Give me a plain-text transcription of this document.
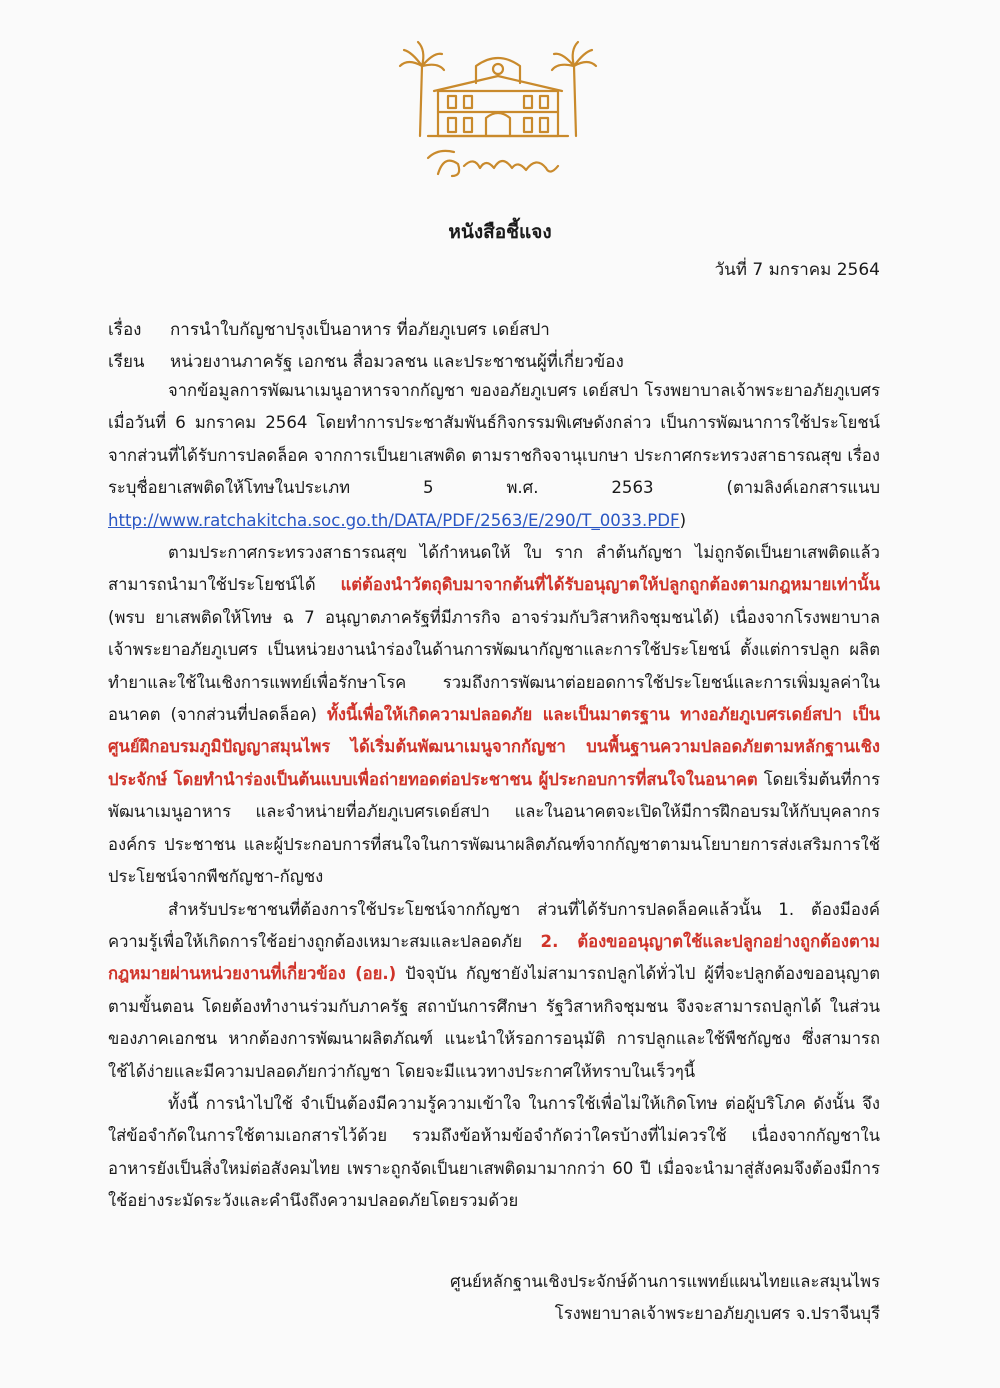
หนังสือชี้แจง
วันที่ 7 มกราคม 2564
เรื่อง การนำใบกัญชาปรุงเป็นอาหาร ที่อภัยภูเบศร เดย์สปา
เรียน หน่วยงานภาครัฐ เอกชน สื่อมวลชน และประชาชนผู้ที่เกี่ยวข้อง

จากข้อมูลการพัฒนาเมนูอาหารจากกัญชา ของอภัยภูเบศร เดย์สปา โรงพยาบาลเจ้าพระยาอภัยภูเบศร เมื่อวันที่ 6 มกราคม 2564 โดยทำการประชาสัมพันธ์กิจกรรมพิเศษดังกล่าว เป็นการพัฒนาการใช้ประโยชน์จากส่วนที่ได้รับการปลดล็อค จากการเป็นยาเสพติด ตามราชกิจจานุเบกษา ประกาศกระทรวงสาธารณสุข เรื่อง ระบุชื่อยาเสพติดให้โทษในประเภท 5 พ.ศ. 2563 (ตามลิงค์เอกสารแนบ http://www.ratchakitcha.soc.go.th/DATA/PDF/2563/E/290/T_0033.PDF)

ตามประกาศกระทรวงสาธารณสุข ได้กำหนดให้ ใบ ราก ลำต้นกัญชา ไม่ถูกจัดเป็นยาเสพติดแล้ว สามารถนำมาใช้ประโยชน์ได้ แต่ต้องนำวัตถุดิบมาจากต้นที่ได้รับอนุญาตให้ปลูกถูกต้องตามกฎหมายเท่านั้น (พรบ ยาเสพติดให้โทษ ฉ 7 อนุญาตภาครัฐที่มีภารกิจ อาจร่วมกับวิสาหกิจชุมชนได้) เนื่องจากโรงพยาบาลเจ้าพระยาอภัยภูเบศร เป็นหน่วยงานนำร่องในด้านการพัฒนากัญชาและการใช้ประโยชน์ ตั้งแต่การปลูก ผลิตทำยาและใช้ในเชิงการแพทย์เพื่อรักษาโรค รวมถึงการพัฒนาต่อยอดการใช้ประโยชน์และการเพิ่มมูลค่าในอนาคต (จากส่วนที่ปลดล็อค) ทั้งนี้เพื่อให้เกิดความปลอดภัย และเป็นมาตรฐาน ทางอภัยภูเบศรเดย์สปา เป็นศูนย์ฝึกอบรมภูมิปัญญาสมุนไพร ได้เริ่มต้นพัฒนาเมนูจากกัญชา บนพื้นฐานความปลอดภัยตามหลักฐานเชิงประจักษ์ โดยทำนำร่องเป็นต้นแบบเพื่อถ่ายทอดต่อประชาชน ผู้ประกอบการที่สนใจในอนาคต โดยเริ่มต้นที่การพัฒนาเมนูอาหาร และจำหน่ายที่อภัยภูเบศรเดย์สปา และในอนาคตจะเปิดให้มีการฝึกอบรมให้กับบุคลากร องค์กร ประชาชน และผู้ประกอบการที่สนใจในการพัฒนาผลิตภัณฑ์จากกัญชาตามนโยบายการส่งเสริมการใช้ประโยชน์จากพืชกัญชา-กัญชง

สำหรับประชาชนที่ต้องการใช้ประโยชน์จากกัญชา ส่วนที่ได้รับการปลดล็อคแล้วนั้น 1. ต้องมีองค์ความรู้เพื่อให้เกิดการใช้อย่างถูกต้องเหมาะสมและปลอดภัย 2. ต้องขออนุญาตใช้และปลูกอย่างถูกต้องตามกฎหมายผ่านหน่วยงานที่เกี่ยวข้อง (อย.) ปัจจุบัน กัญชายังไม่สามารถปลูกได้ทั่วไป ผู้ที่จะปลูกต้องขออนุญาตตามขั้นตอน โดยต้องทำงานร่วมกับภาครัฐ สถาบันการศึกษา รัฐวิสาหกิจชุมชน จึงจะสามารถปลูกได้ ในส่วนของภาคเอกชน หากต้องการพัฒนาผลิตภัณฑ์ แนะนำให้รอการอนุมัติ การปลูกและใช้พืชกัญชง ซึ่งสามารถใช้ได้ง่ายและมีความปลอดภัยกว่ากัญชา โดยจะมีแนวทางประกาศให้ทราบในเร็วๆนี้

ทั้งนี้ การนำไปใช้ จำเป็นต้องมีความรู้ความเข้าใจ ในการใช้เพื่อไม่ให้เกิดโทษ ต่อผู้บริโภค ดังนั้น จึงใส่ข้อจำกัดในการใช้ตามเอกสารไว้ด้วย รวมถึงข้อห้ามข้อจำกัดว่าใครบ้างที่ไม่ควรใช้ เนื่องจากกัญชาในอาหารยังเป็นสิ่งใหม่ต่อสังคมไทย เพราะถูกจัดเป็นยาเสพติดมามากกว่า 60 ปี เมื่อจะนำมาสู่สังคมจึงต้องมีการใช้อย่างระมัดระวังและคำนึงถึงความปลอดภัยโดยรวมด้วย

ศูนย์หลักฐานเชิงประจักษ์ด้านการแพทย์แผนไทยและสมุนไพร
โรงพยาบาลเจ้าพระยาอภัยภูเบศร จ.ปราจีนบุรี
